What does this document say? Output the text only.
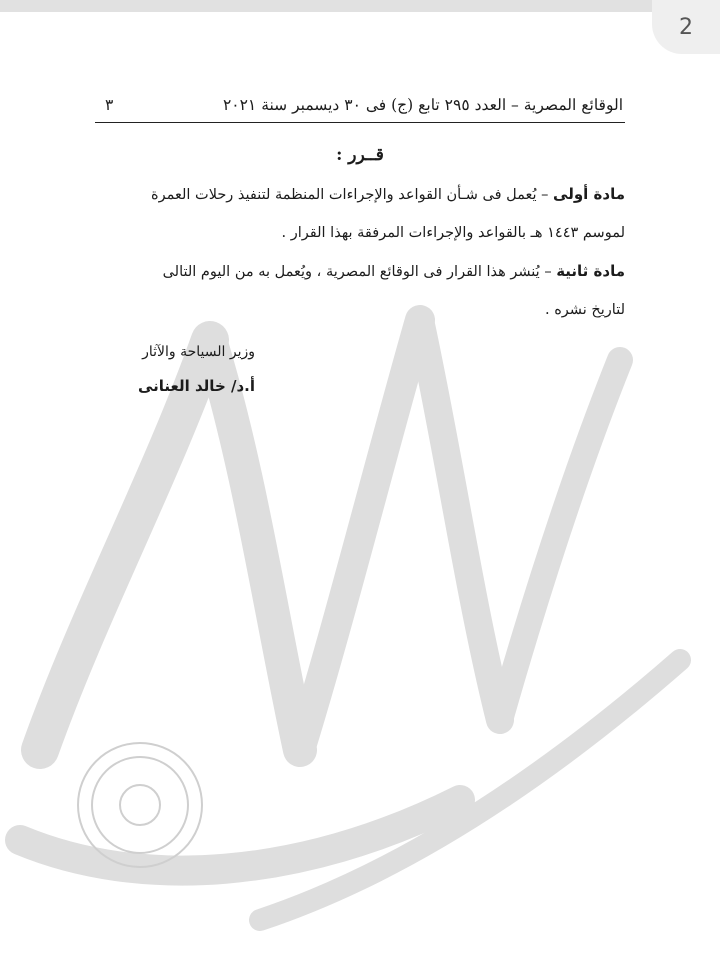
2
الوقائع المصرية – العدد ٢٩٥ تابع (ج) فى ٣٠ ديسمبر سنة ٢٠٢١
٣
قــرر :

مادة أولى – يُعمل فى شـأن القواعد والإجراءات المنظمة لتنفيذ رحلات العمرة
لموسم ١٤٤٣ هـ بالقواعد والإجراءات المرفقة بهذا القرار .

مادة ثانية – يُنشر هذا القرار فى الوقائع المصرية ، ويُعمل به من اليوم التالى
لتاريخ نشره .

وزير السياحة والآثار
أ.د/ خالد العنانى
